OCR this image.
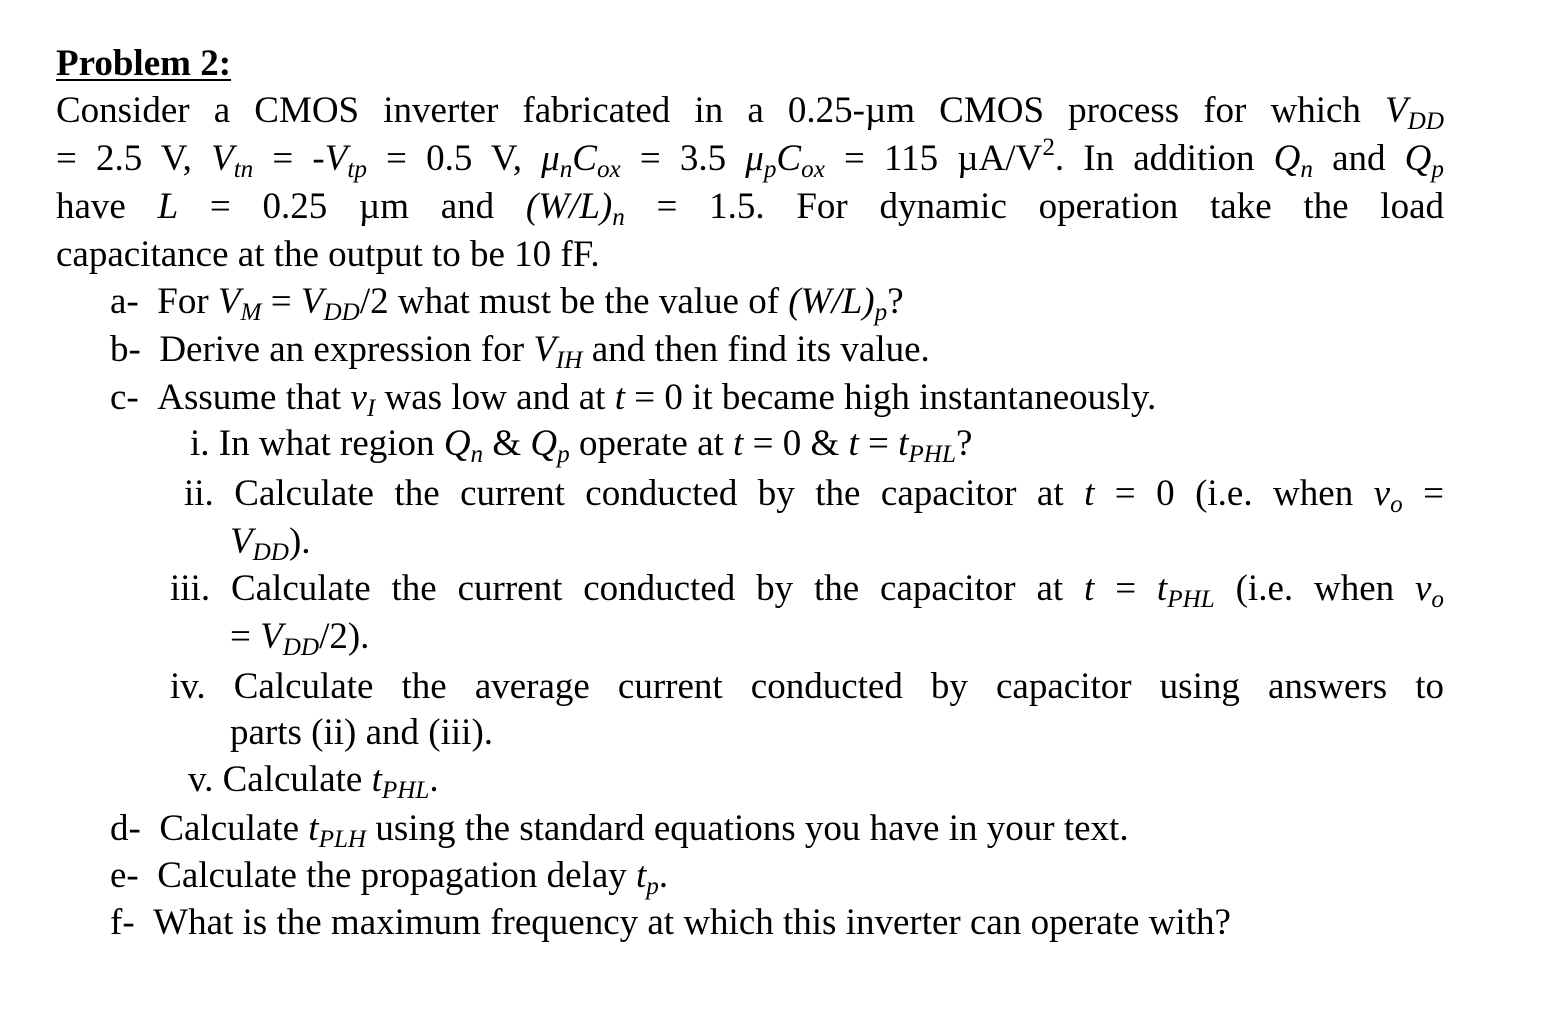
Problem 2:
Consider a CMOS inverter fabricated in a 0.25-µm CMOS process for which $V_{DD}$
= 2.5 V, $V_{tn} = -V_{tp} = 0.5$ V, $\mu_nC_{ox} = 3.5$ $\mu_pC_{ox} = 115$ $\mu A/V^2$. In addition $Q_n$ and $Q_p$
have L = 0.25 µm and $(W/L)_n = 1.5$. For dynamic operation take the load
capacitance at the output to be 10 fF.
a-  For $V_M = V_{DD}/2$ what must be the value of $(W/L)_p$?
b-  Derive an expression for $V_{IH}$ and then find its value.
c-  Assume that $v_I$ was low and at t = 0 it became high instantaneously.
i. In what region $Q_n$ & $Q_p$ operate at t = 0 & $t = t_{PHL}$?
ii. Calculate the current conducted by the capacitor at t = 0 (i.e. when $v_o$ =
$V_{DD}$).
iii. Calculate the current conducted by the capacitor at $t = t_{PHL}$ (i.e. when $v_o$
= $V_{DD}/2$).
iv. Calculate the average current conducted by capacitor using answers to
parts (ii) and (iii).
v. Calculate $t_{PHL}$.
d-  Calculate $t_{PLH}$ using the standard equations you have in your text.
e-  Calculate the propagation delay $t_p$.
f-  What is the maximum frequency at which this inverter can operate with?
